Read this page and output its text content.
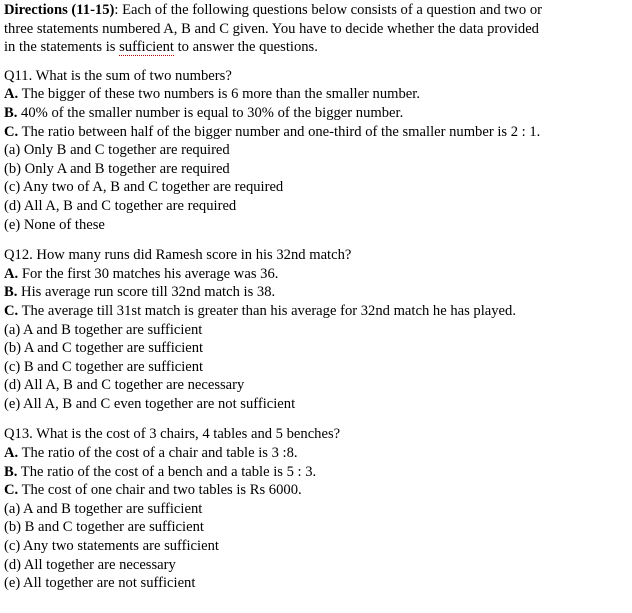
Directions (11-15): Each of the following questions below consists of a question and two or
three statements numbered A, B and C given. You have to decide whether the data provided
in the statements is sufficient to answer the questions.
Q11. What is the sum of two numbers?
A. The bigger of these two numbers is 6 more than the smaller number.
B. 40% of the smaller number is equal to 30% of the bigger number.
C. The ratio between half of the bigger number and one-third of the smaller number is 2 : 1.
(a) Only B and C together are required
(b) Only A and B together are required
(c) Any two of A, B and C together are required
(d) All A, B and C together are required
(e) None of these
Q12. How many runs did Ramesh score in his 32nd match?
A. For the first 30 matches his average was 36.
B. His average run score till 32nd match is 38.
C. The average till 31st match is greater than his average for 32nd match he has played.
(a) A and B together are sufficient
(b) A and C together are sufficient
(c) B and C together are sufficient
(d) All A, B and C together are necessary
(e) All A, B and C even together are not sufficient
Q13. What is the cost of 3 chairs, 4 tables and 5 benches?
A. The ratio of the cost of a chair and table is 3 :8.
B. The ratio of the cost of a bench and a table is 5 : 3.
C. The cost of one chair and two tables is Rs 6000.
(a) A and B together are sufficient
(b) B and C together are sufficient
(c) Any two statements are sufficient
(d) All together are necessary
(e) All together are not sufficient
